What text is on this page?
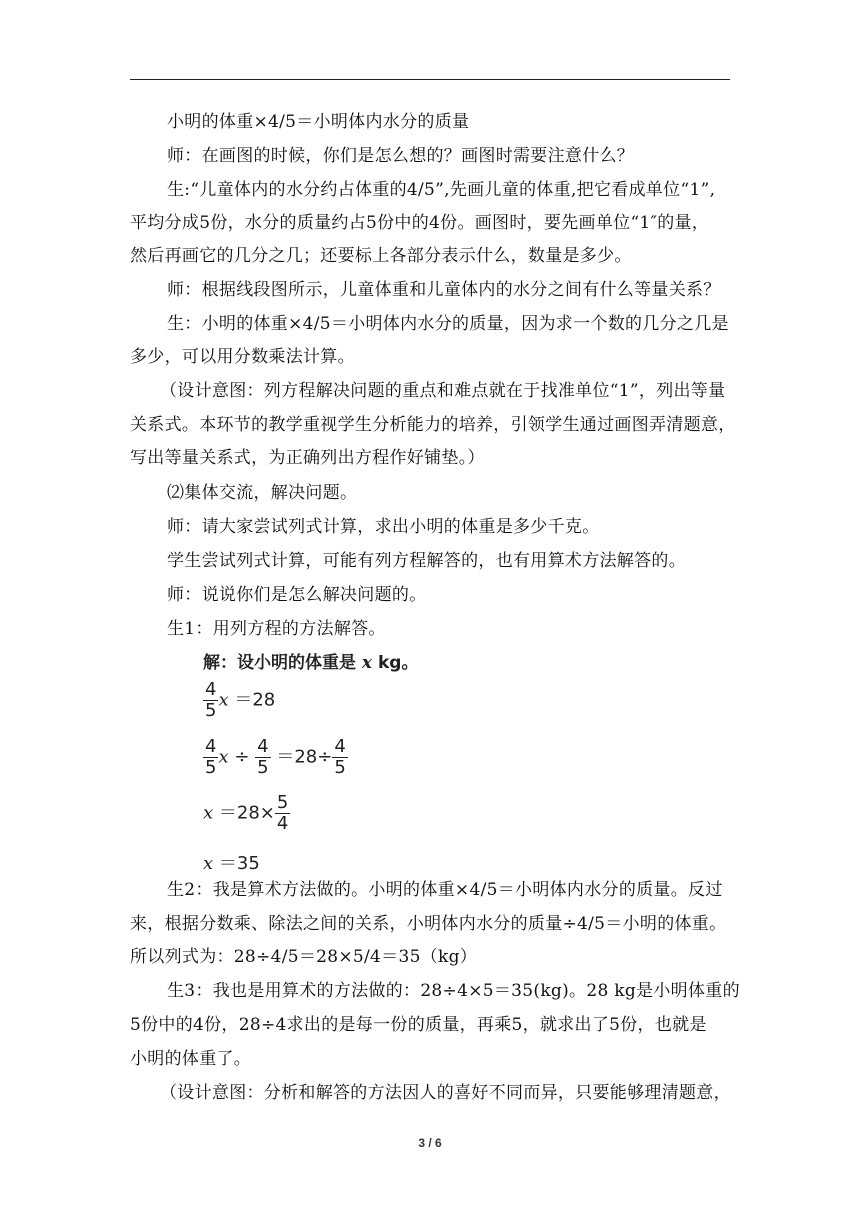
小明的体重×4/5＝小明体内水分的质量
师：在画图的时候，你们是怎么想的？画图时需要注意什么？
生:“儿童体内的水分约占体重的4/5”,先画儿童的体重,把它看成单位“1”,
平均分成5份，水分的质量约占5份中的4份。画图时，要先画单位“1″的量，
然后再画它的几分之几；还要标上各部分表示什么，数量是多少。
师：根据线段图所示，儿童体重和儿童体内的水分之间有什么等量关系？
生：小明的体重×4/5＝小明体内水分的质量，因为求一个数的几分之几是
多少，可以用分数乘法计算。
（设计意图：列方程解决问题的重点和难点就在于找准单位“1”，列出等量
关系式。本环节的教学重视学生分析能力的培养，引领学生通过画图弄清题意，
写出等量关系式，为正确列出方程作好铺垫。）
⑵集体交流，解决问题。
师：请大家尝试列式计算，求出小明的体重是多少千克。
学生尝试列式计算，可能有列方程解答的，也有用算术方法解答的。
师：说说你们是怎么解决问题的。
生1：用列方程的方法解答。
解：设小明的体重是 x kg。
$\frac{4}{5}$ x ＝28
$\frac{4}{5}$ $x \div \frac{4}{5} =28\div \frac{4}{5}$
$x =28\times \frac{5}{4}$
x ＝35
生2：我是算术方法做的。小明的体重×4/5＝小明体内水分的质量。反过
来，根据分数乘、除法之间的关系，小明体内水分的质量÷4/5＝小明的体重。
所以列式为：28÷4/5＝28×5/4＝35（kg）
生3：我也是用算术的方法做的：28÷4×5＝35(kg)。28 kg是小明体重的
5份中的4份，28÷4求出的是每一份的质量，再乘5，就求出了5份，也就是
小明的体重了。
（设计意图：分析和解答的方法因人的喜好不同而异，只要能够理清题意，
3 / 6
